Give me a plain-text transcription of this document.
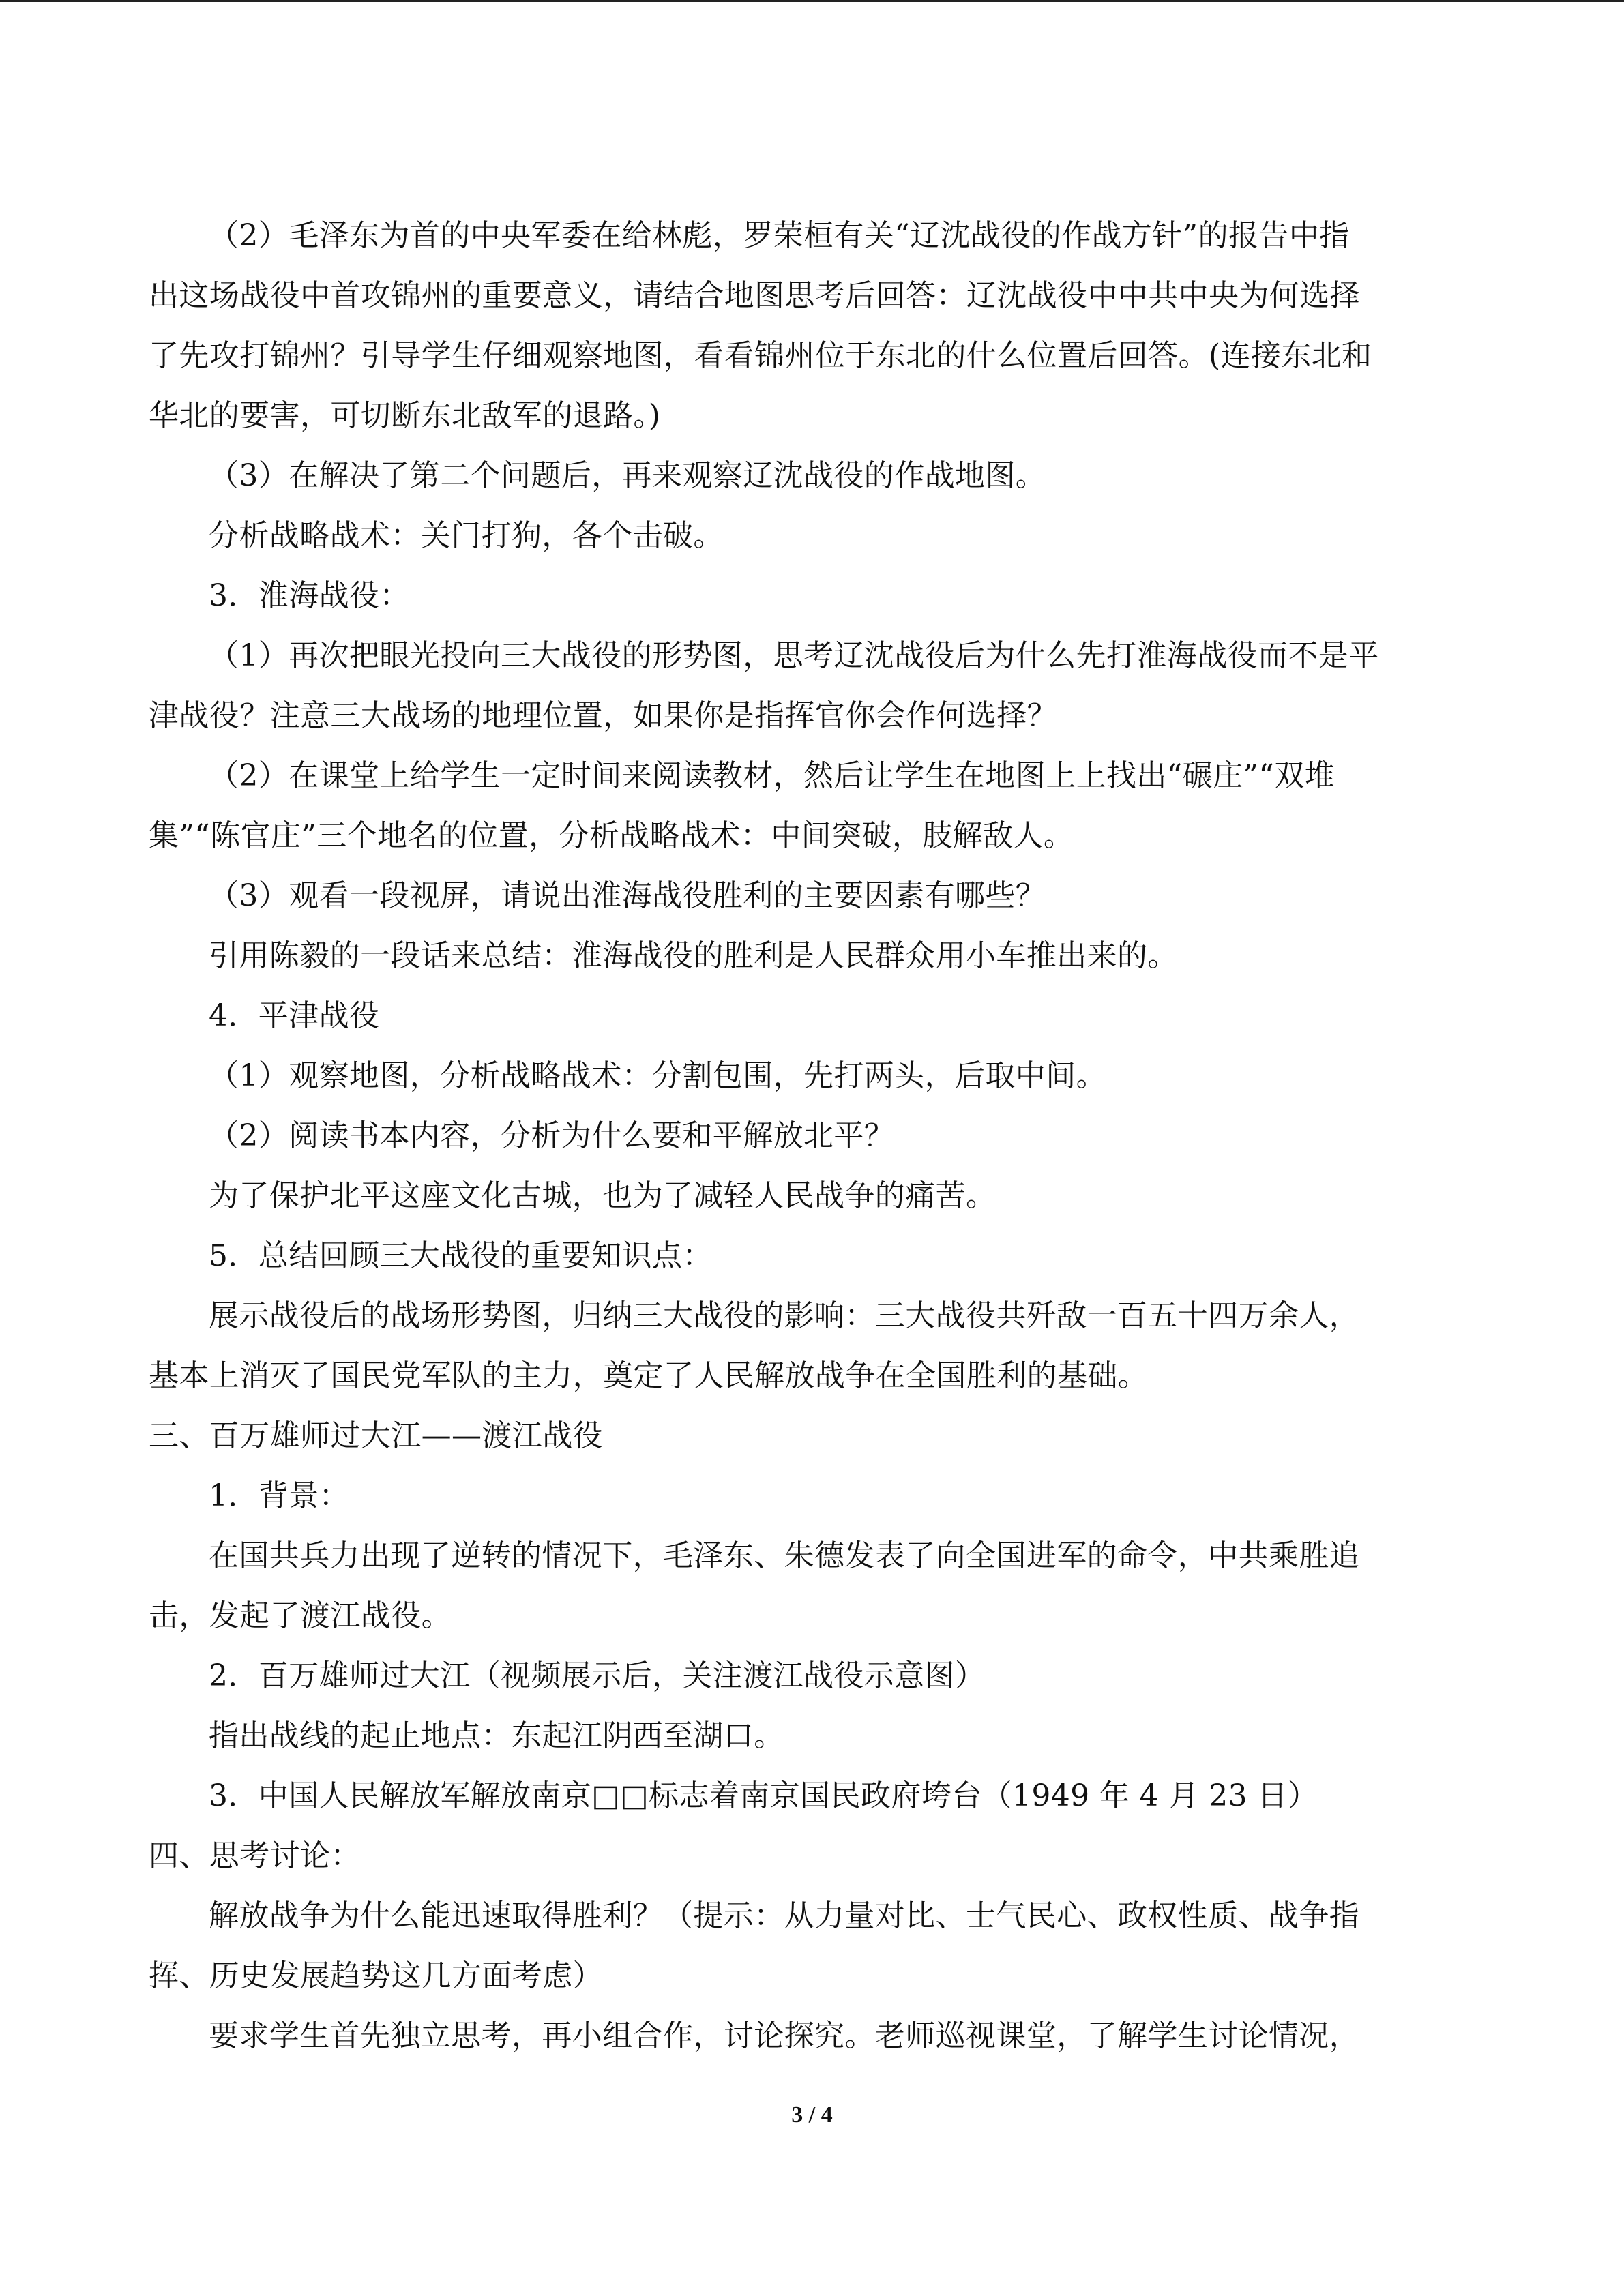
（2）毛泽东为首的中央军委在给林彪，罗荣桓有关“辽沈战役的作战方针”的报告中指
出这场战役中首攻锦州的重要意义，请结合地图思考后回答：辽沈战役中中共中央为何选择
了先攻打锦州？引导学生仔细观察地图，看看锦州位于东北的什么位置后回答。(连接东北和
华北的要害，可切断东北敌军的退路。)
（3）在解决了第二个问题后，再来观察辽沈战役的作战地图。
分析战略战术：关门打狗，各个击破。
3．淮海战役：
（1）再次把眼光投向三大战役的形势图，思考辽沈战役后为什么先打淮海战役而不是平
津战役？注意三大战场的地理位置，如果你是指挥官你会作何选择？
（2）在课堂上给学生一定时间来阅读教材，然后让学生在地图上上找出“碾庄”“双堆
集”“陈官庄”三个地名的位置，分析战略战术：中间突破，肢解敌人。
（3）观看一段视屏，请说出淮海战役胜利的主要因素有哪些？
引用陈毅的一段话来总结：淮海战役的胜利是人民群众用小车推出来的。
4．平津战役
（1）观察地图，分析战略战术：分割包围，先打两头，后取中间。
（2）阅读书本内容，分析为什么要和平解放北平？
为了保护北平这座文化古城，也为了减轻人民战争的痛苦。
5．总结回顾三大战役的重要知识点：
展示战役后的战场形势图，归纳三大战役的影响：三大战役共歼敌一百五十四万余人，
基本上消灭了国民党军队的主力，奠定了人民解放战争在全国胜利的基础。
三、百万雄师过大江——渡江战役
1．背景：
在国共兵力出现了逆转的情况下，毛泽东、朱德发表了向全国进军的命令，中共乘胜追
击，发起了渡江战役。
2．百万雄师过大江（视频展示后，关注渡江战役示意图）
指出战线的起止地点：东起江阴西至湖口。
3．中国人民解放军解放南京□□标志着南京国民政府垮台（1949 年 4 月 23 日）
四、思考讨论：
解放战争为什么能迅速取得胜利？（提示：从力量对比、士气民心、政权性质、战争指
挥、历史发展趋势这几方面考虑）
要求学生首先独立思考，再小组合作，讨论探究。老师巡视课堂，了解学生讨论情况，
3 / 4
